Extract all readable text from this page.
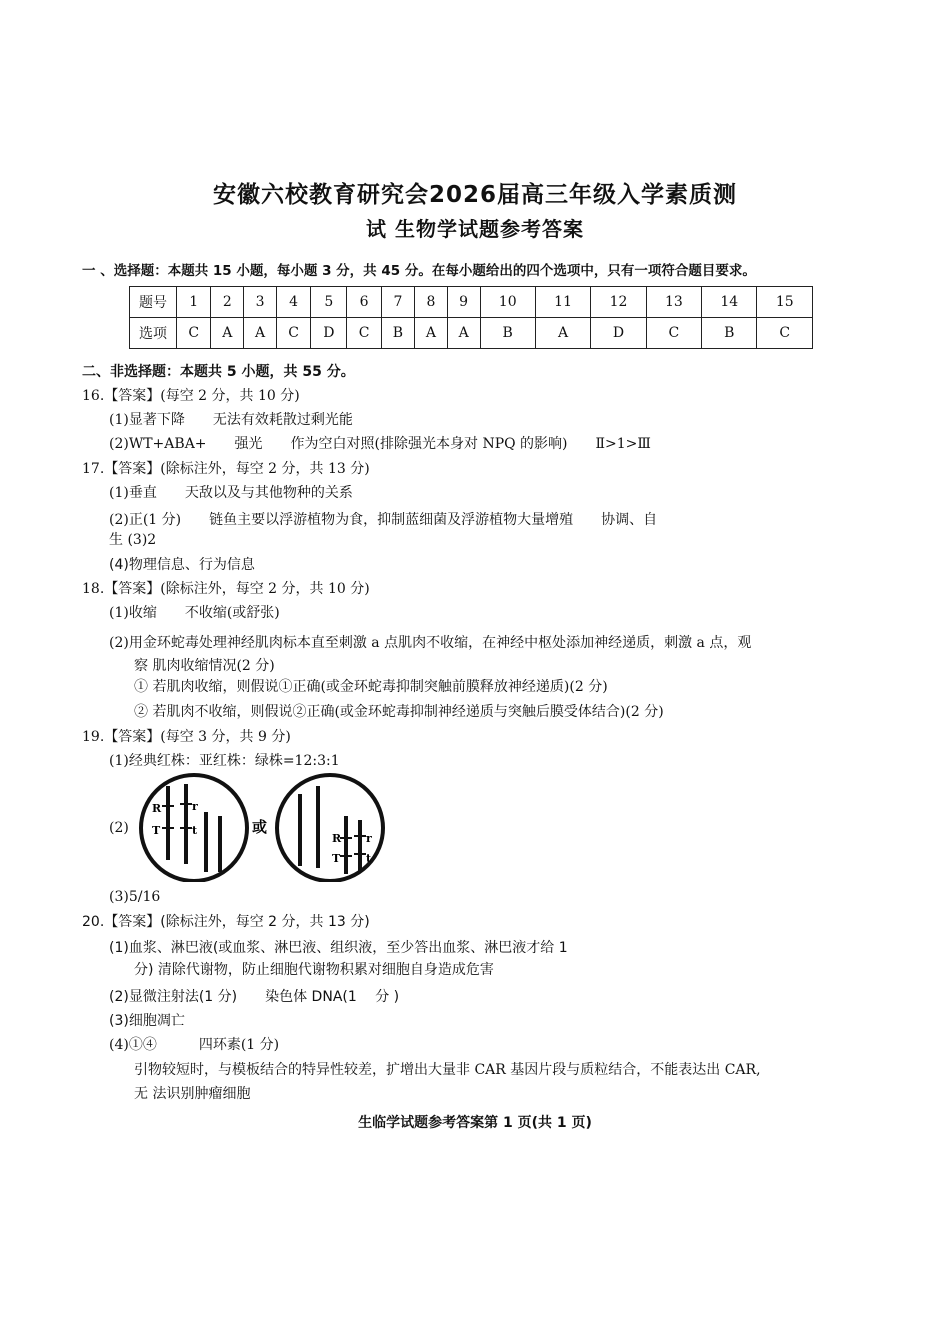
安徽六校教育研究会2026届高三年级入学素质测
试 生物学试题参考答案
一 、选择题：本题共 15 小题，每小题 3 分，共 45 分。在每小题给出的四个选项中，只有一项符合题目要求。
题号	1	2	3	4	5	6	7	8	9	10	11	12	13	14	15
选项	C	A	A	C	D	C	B	A	A	B	A	D	C	B	C
二、非选择题：本题共 5 小题，共 55 分。
16.【答案】(每空 2 分，共 10 分)
(1)显著下降　　无法有效耗散过剩光能
(2)WT+ABA+　　强光　　作为空白对照(排除强光本身对 NPQ 的影响)　　Ⅱ>1>Ⅲ
17.【答案】(除标注外，每空 2 分，共 13 分)
(1)垂直　　天敌以及与其他物种的关系
(2)正(1 分)　　链鱼主要以浮游植物为食，抑制蓝细菌及浮游植物大量增殖　　协调、自
生 (3)2
(4)物理信息、行为信息
18.【答案】(除标注外，每空 2 分，共 10 分)
(1)收缩　　不收缩(或舒张)
(2)用金环蛇毒处理神经肌肉标本直至刺激 a 点肌肉不收缩，在神经中枢处添加神经递质，刺激 a 点，观
察 肌肉收缩情况(2 分)
① 若肌肉收缩，则假说①正确(或金环蛇毒抑制突触前膜释放神经递质)(2 分)
② 若肌肉不收缩，则假说②正确(或金环蛇毒抑制神经递质与突触后膜受体结合)(2 分)
19.【答案】(每空 3 分，共 9 分)
(1)经典红株：亚红株：绿株=12:3:1
(2)
R
T
r
t	或
R
T
r
t
(3)5/16
20.【答案】(除标注外，每空 2 分，共 13 分)
(1)血浆、淋巴液(或血浆、淋巴液、组织液，至少答出血浆、淋巴液才给 1
分) 清除代谢物，防止细胞代谢物积累对细胞自身造成危害
(2)显微注射法(1 分)　　染色体 DNA(1　 分 )
(3)细胞凋亡
(4)①④　　　四环素(1 分)
引物较短时，与模板结合的特异性较差，扩增出大量非 CAR 基因片段与质粒结合，不能表达出 CAR,
无 法识别肿瘤细胞
生临学试题参考答案第 1 页(共 1 页)
